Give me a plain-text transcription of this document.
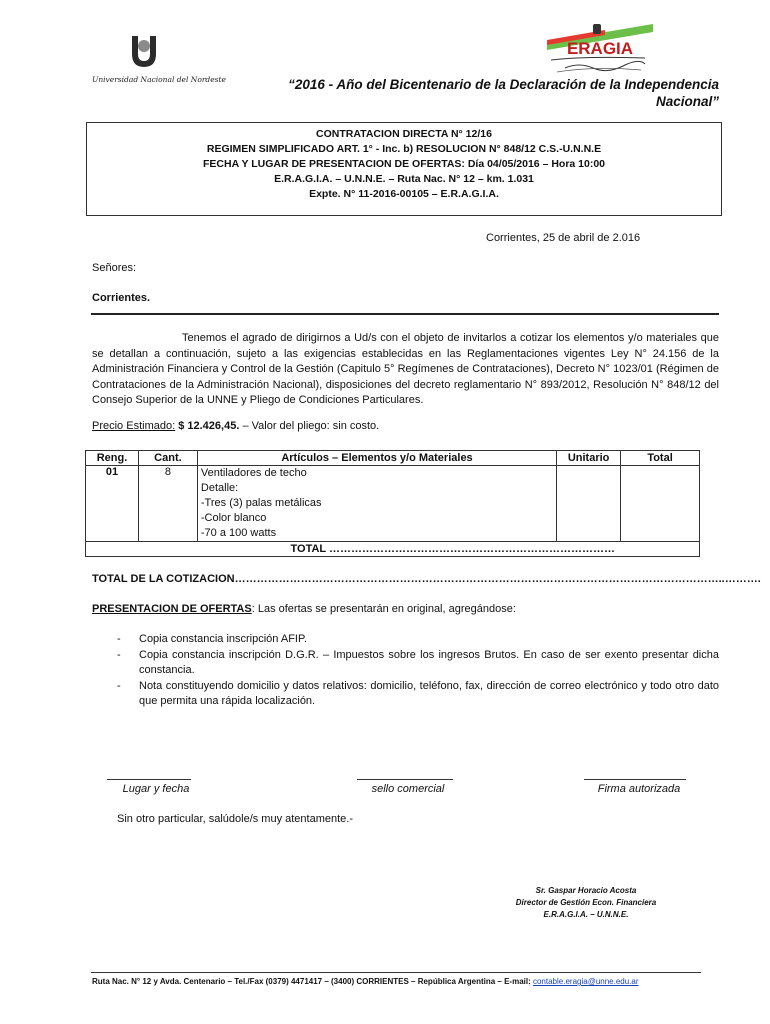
Universidad Nacional del Nordeste
ERAGIA
“2016 - Año del Bicentenario de la Declaración de la Independencia Nacional”
CONTRATACION DIRECTA N° 12/16
REGIMEN SIMPLIFICADO ART. 1° - Inc. b) RESOLUCION N° 848/12 C.S.-U.N.N.E
FECHA Y LUGAR DE PRESENTACION DE OFERTAS: Día 04/05/2016 – Hora 10:00
E.R.A.G.I.A. – U.N.N.E. – Ruta Nac. N° 12 – km. 1.031
Expte. N° 11-2016-00105 – E.R.A.G.I.A.
Corrientes, 25 de abril de 2.016
Señores:
Corrientes.
Tenemos el agrado de dirigirnos a Ud/s con el objeto de invitarlos a cotizar los elementos y/o materiales que se detallan a continuación, sujeto a las exigencias establecidas en las Reglamentaciones vigentes Ley N° 24.156 de la Administración Financiera y Control de la Gestión (Capitulo 5° Regímenes de Contrataciones), Decreto N° 1023/01 (Régimen de Contrataciones de la Administración Nacional), disposiciones del decreto reglamentario N° 893/2012, Resolución N° 848/12 del Consejo Superior de la UNNE y Pliego de Condiciones Particulares.
Precio Estimado: $ 12.426,45. – Valor del pliego: sin costo.
Reng.	Cant.	Artículos – Elementos y/o Materiales	Unitario	Total
01	8	Ventiladores de techo
Detalle:
-Tres (3) palas metálicas
-Color blanco
-70 a 100 watts		

TOTAL ……………………………………………………………………				
TOTAL DE LA COTIZACION……………………………………………………………………………………………………………………..……….
PRESENTACION DE OFERTAS: Las ofertas se presentarán en original, agregándose:
- Copia constancia inscripción AFIP.
- Copia constancia inscripción D.G.R. – Impuestos sobre los ingresos Brutos. En caso de ser exento presentar dicha constancia.
- Nota constituyendo domicilio y datos relativos: domicilio, teléfono, fax, dirección de correo electrónico y todo otro dato que permita una rápida localización.
Lugar y fecha	sello comercial	Firma autorizada
Sin otro particular, salúdole/s muy atentamente.-
Sr. Gaspar Horacio Acosta
Director de Gestión Econ. Financiera
E.R.A.G.I.A. – U.N.N.E.
Ruta Nac. N° 12 y Avda. Centenario – Tel./Fax (0379) 4471417 – (3400) CORRIENTES – República Argentina – E-mail: contable.eragia@unne.edu.ar
